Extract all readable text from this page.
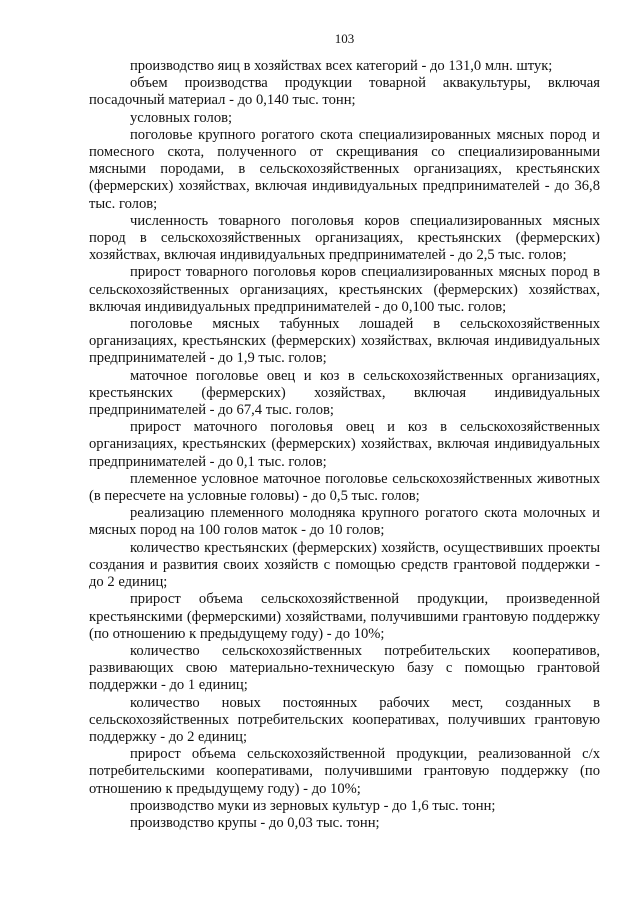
103

производство яиц в хозяйствах всех категорий - до 131,0 млн. штук;

объем производства продукции товарной аквакультуры, включая посадочный материал - до 0,140 тыс. тонн;

условных голов;

поголовье крупного рогатого скота специализированных мясных пород и помесного скота, полученного от скрещивания со специализированными мясными породами, в сельскохозяйственных организациях, крестьянских (фермерских) хозяйствах, включая индивидуальных предпринимателей - до 36,8 тыс. голов;

численность товарного поголовья коров специализированных мясных пород в сельскохозяйственных организациях, крестьянских (фермерских) хозяйствах, включая индивидуальных предпринимателей - до 2,5 тыс. голов;

прирост товарного поголовья коров специализированных мясных пород в сельскохозяйственных организациях, крестьянских (фермерских) хозяйствах, включая индивидуальных предпринимателей - до 0,100 тыс. голов;

поголовье мясных табунных лошадей в сельскохозяйственных организациях, крестьянских (фермерских) хозяйствах, включая индивидуальных предпринимателей - до 1,9 тыс. голов;

маточное поголовье овец и коз в сельскохозяйственных организациях, крестьянских (фермерских) хозяйствах, включая индивидуальных предпринимателей - до 67,4 тыс. голов;

прирост маточного поголовья овец и коз в сельскохозяйственных организациях, крестьянских (фермерских) хозяйствах, включая индивидуальных предпринимателей - до 0,1 тыс. голов;

племенное условное маточное поголовье сельскохозяйственных животных (в пересчете на условные головы) - до 0,5 тыс. голов;

реализацию племенного молодняка крупного рогатого скота молочных и мясных пород на 100 голов маток - до 10 голов;

количество крестьянских (фермерских) хозяйств, осуществивших проекты создания и развития своих хозяйств с помощью средств грантовой поддержки - до 2 единиц;

прирост объема сельскохозяйственной продукции, произведенной крестьянскими (фермерскими) хозяйствами, получившими грантовую поддержку (по отношению к предыдущему году) - до 10%;

количество сельскохозяйственных потребительских кооперативов, развивающих свою материально-техническую базу с помощью грантовой поддержки - до 1 единиц;

количество новых постоянных рабочих мест, созданных в сельскохозяйственных потребительских кооперативах, получивших грантовую поддержку - до 2 единиц;

прирост объема сельскохозяйственной продукции, реализованной с/х потребительскими кооперативами, получившими грантовую поддержку (по отношению к предыдущему году) - до 10%;

производство муки из зерновых культур - до 1,6 тыс. тонн;

производство крупы - до 0,03 тыс. тонн;
